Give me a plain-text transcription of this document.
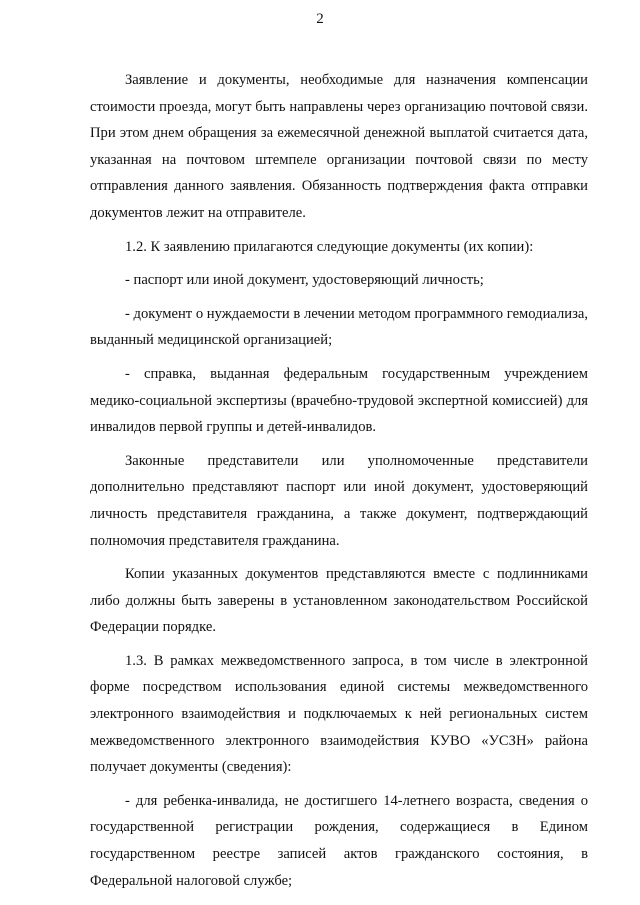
2

Заявление и документы, необходимые для назначения компенсации стоимости проезда, могут быть направлены через организацию почтовой связи. При этом днем обращения за ежемесячной денежной выплатой считается дата, указанная на почтовом штемпеле организации почтовой связи по месту отправления данного заявления. Обязанность подтверждения факта отправки документов лежит на отправителе.

1.2. К заявлению прилагаются следующие документы (их копии):

- паспорт или иной документ, удостоверяющий личность;

- документ о нуждаемости в лечении методом программного гемодиализа, выданный медицинской организацией;

- справка, выданная федеральным государственным учреждением медико-социальной экспертизы (врачебно-трудовой экспертной комиссией) для инвалидов первой группы и детей-инвалидов.

Законные представители или уполномоченные представители дополнительно представляют паспорт или иной документ, удостоверяющий личность представителя гражданина, а также документ, подтверждающий полномочия представителя гражданина.

Копии указанных документов представляются вместе с подлинниками либо должны быть заверены в установленном законодательством Российской Федерации порядке.

1.3. В рамках межведомственного запроса, в том числе в электронной форме посредством использования единой системы межведомственного электронного взаимодействия и подключаемых к ней региональных систем межведомственного электронного взаимодействия КУВО «УСЗН» района получает документы (сведения):

- для ребенка-инвалида, не достигшего 14-летнего возраста, сведения о государственной регистрации рождения, содержащиеся в Едином государственном реестре записей актов гражданского состояния, в Федеральной налоговой службе;
